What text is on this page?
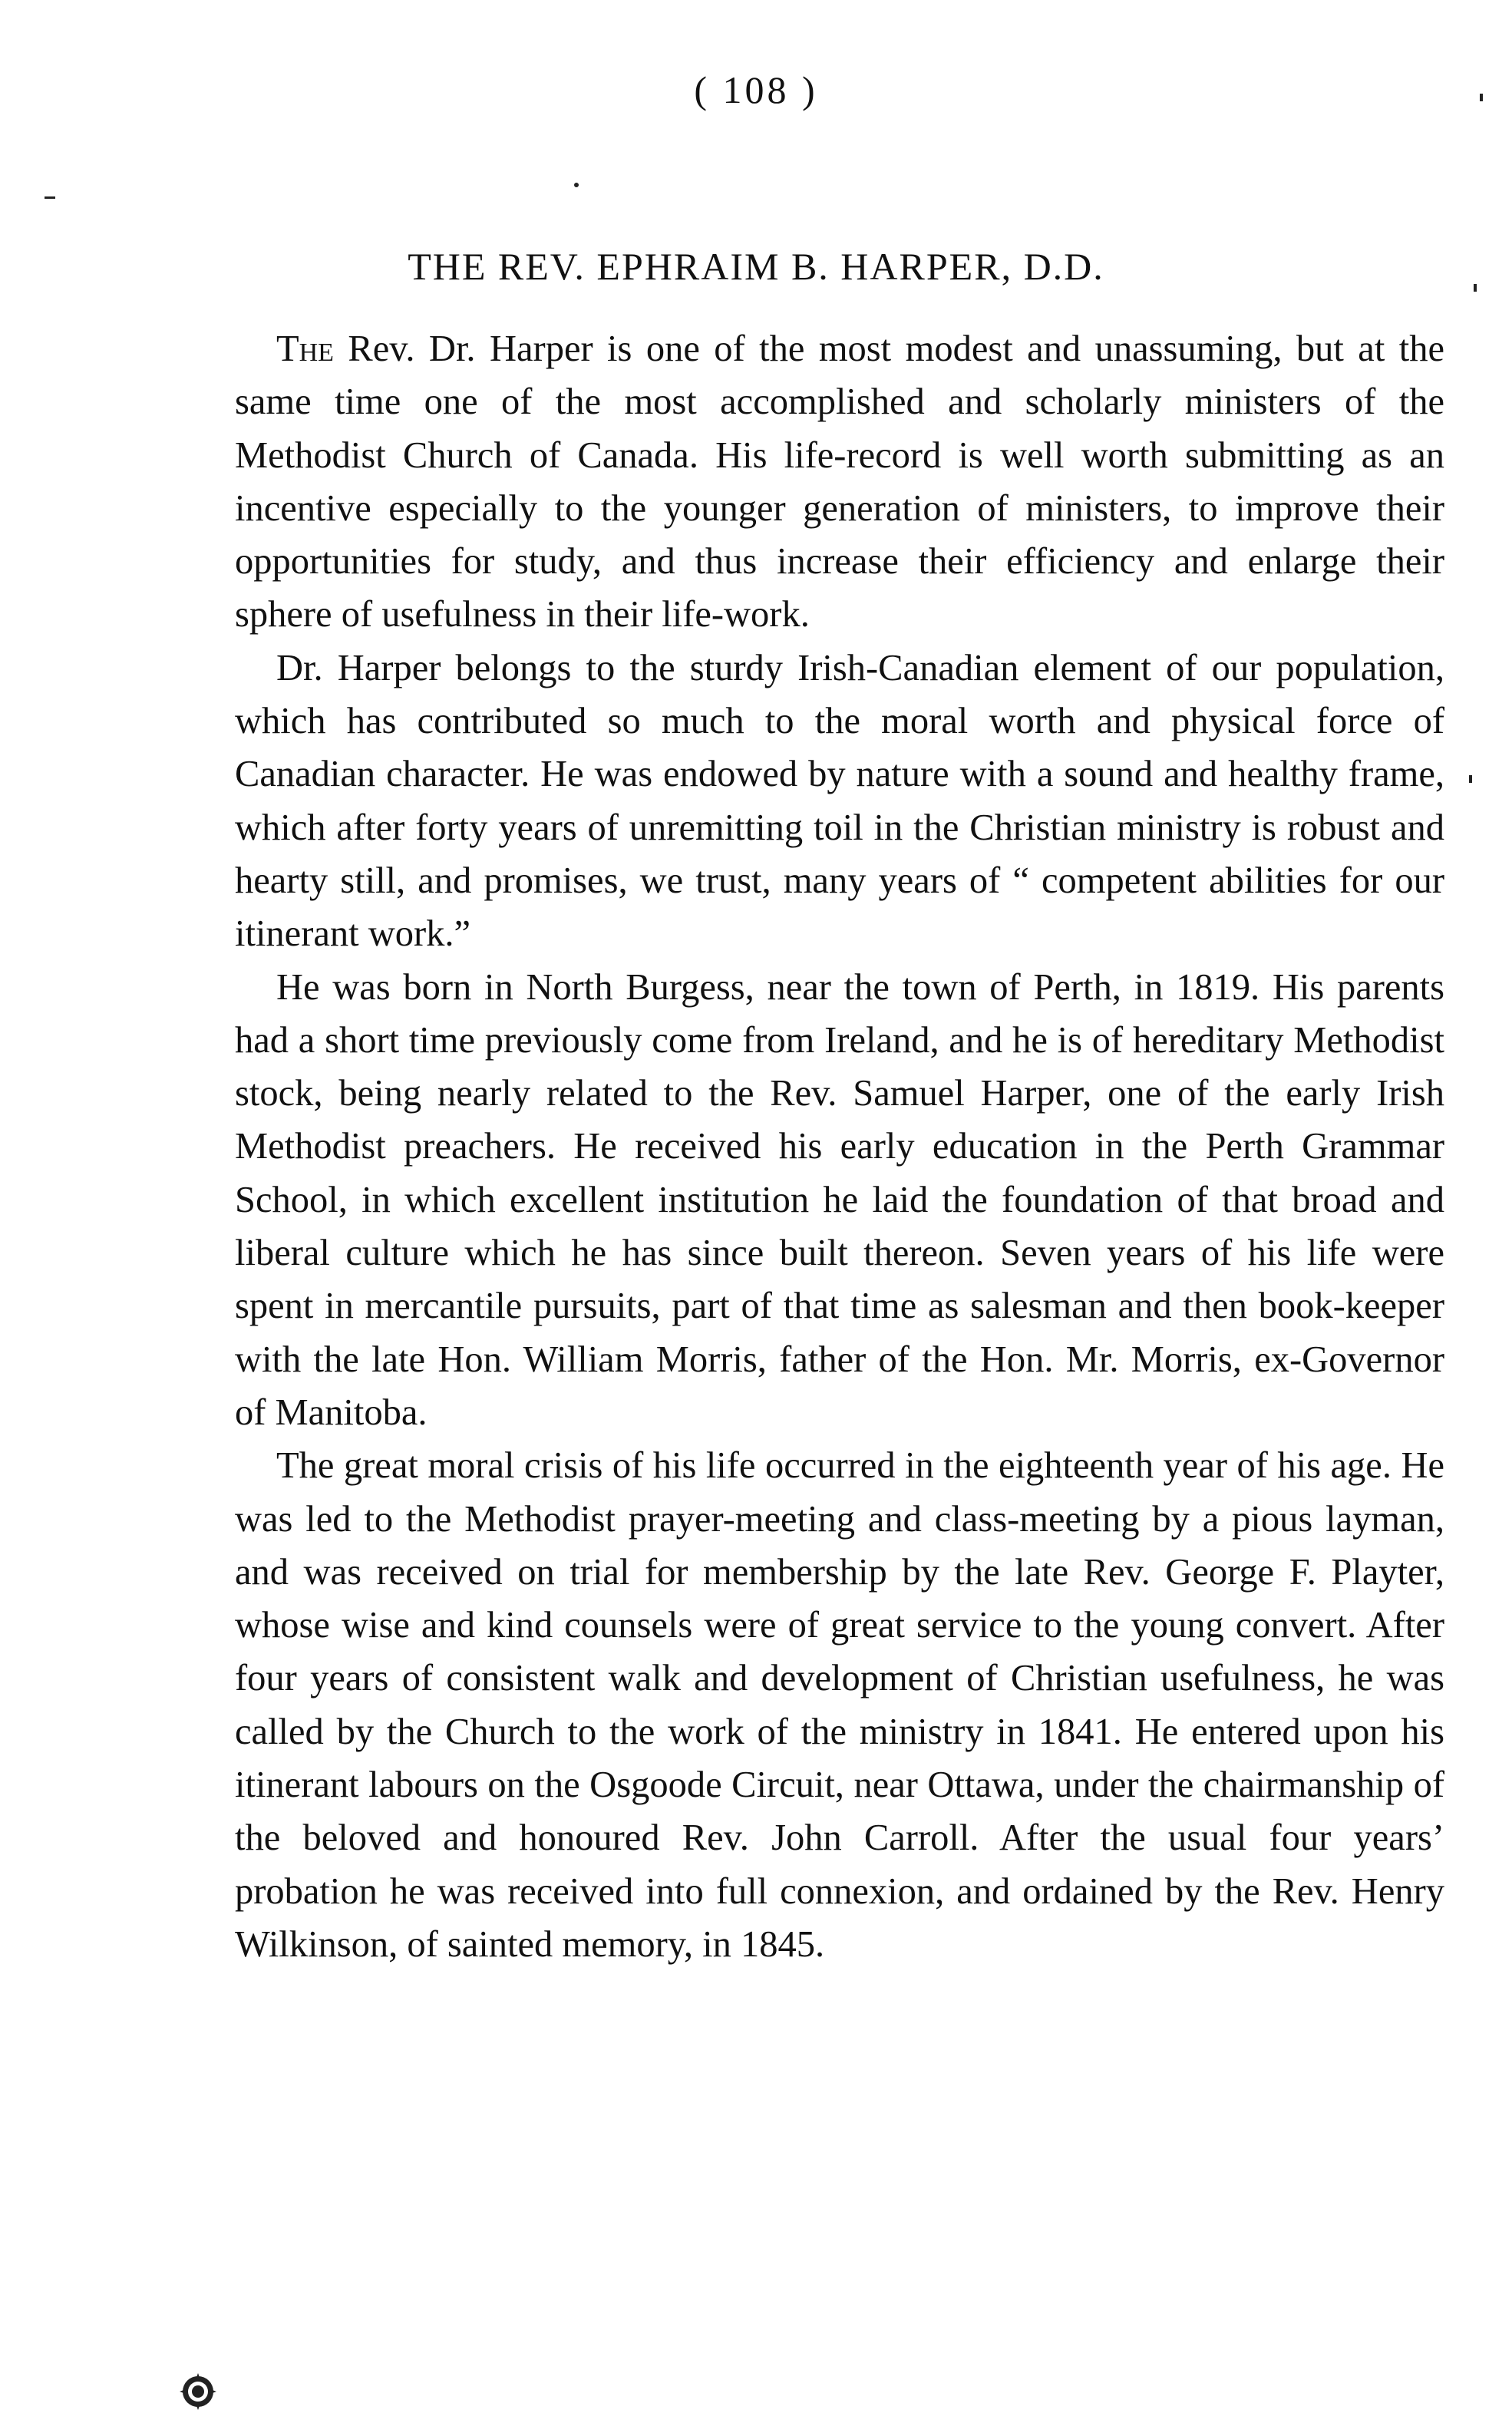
( 108 )
THE REV. EPHRAIM B. HARPER, D.D.

The Rev. Dr. Harper is one of the most modest and unassuming, but at the same time one of the most accomplished and scholarly ministers of the Methodist Church of Canada. His life-record is well worth submitting as an incentive especially to the younger generation of ministers, to improve their opportunities for study, and thus increase their efficiency and enlarge their sphere of usefulness in their life-work.

Dr. Harper belongs to the sturdy Irish-Canadian element of our population, which has contributed so much to the moral worth and physical force of Canadian character. He was endowed by nature with a sound and healthy frame, which after forty years of unremitting toil in the Christian ministry is robust and hearty still, and promises, we trust, many years of “ competent abilities for our itinerant work.”

He was born in North Burgess, near the town of Perth, in 1819. His parents had a short time previously come from Ireland, and he is of hereditary Methodist stock, being nearly related to the Rev. Samuel Harper, one of the early Irish Methodist preachers. He received his early education in the Perth Grammar School, in which excellent institution he laid the foundation of that broad and liberal culture which he has since built thereon. Seven years of his life were spent in mercantile pursuits, part of that time as salesman and then book-keeper with the late Hon. William Morris, father of the Hon. Mr. Morris, ex-Governor of Manitoba.

The great moral crisis of his life occurred in the eighteenth year of his age. He was led to the Methodist prayer-meeting and class-meeting by a pious layman, and was received on trial for membership by the late Rev. George F. Playter, whose wise and kind counsels were of great service to the young convert. After four years of consistent walk and development of Christian usefulness, he was called by the Church to the work of the ministry in 1841. He entered upon his itinerant labours on the Osgoode Circuit, near Ottawa, under the chairmanship of the beloved and honoured Rev. John Carroll. After the usual four years’ probation he was received into full connexion, and ordained by the Rev. Henry Wilkinson, of sainted memory, in 1845.
